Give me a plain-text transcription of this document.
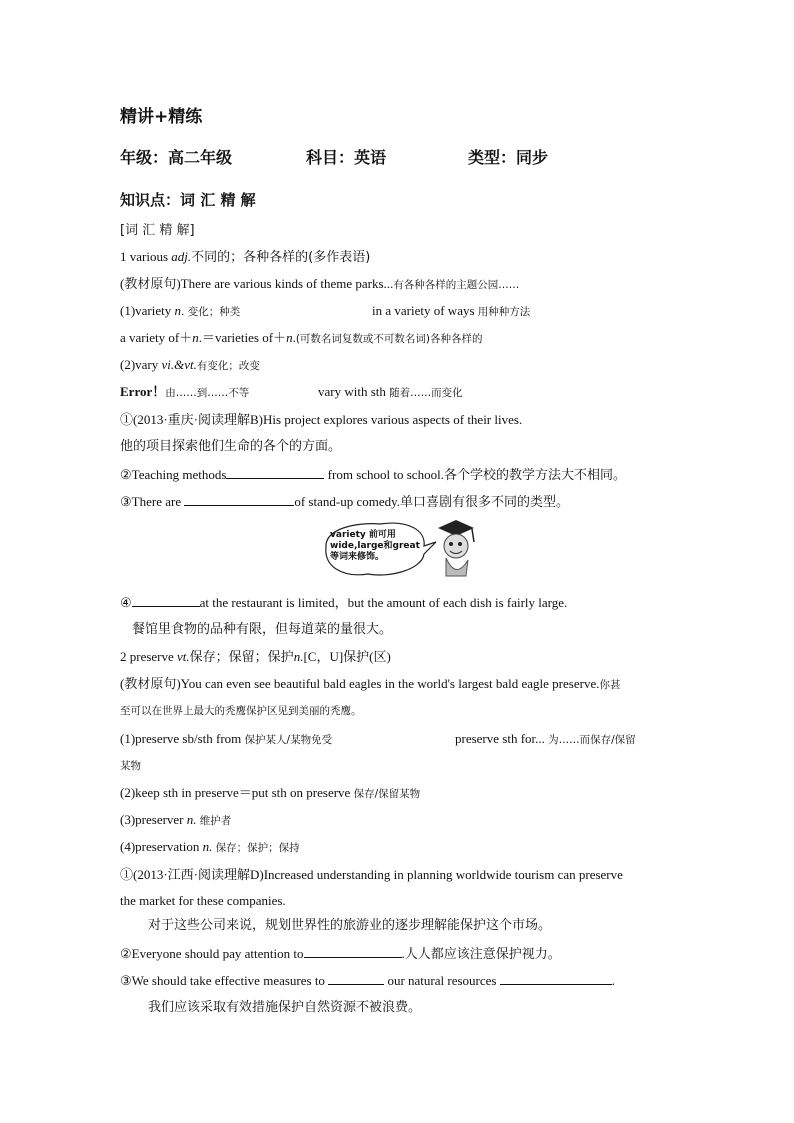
精讲+精练
年级：高二年级	科目：英语	类型：同步
知识点：词 汇 精 解
[词 汇 精 解]
1 various adj.不同的；各种各样的(多作表语)
(教材原句)There are various kinds of theme parks...有各种各样的主题公园……
(1)variety n. 变化；种类	in a variety of ways 用种种方法
a variety of＋n.＝varieties of＋n.(可数名词复数或不可数名词)各种各样的
(2)vary vi.&vt.有变化；改变
Error！由……到……不等	vary with sth 随着……而变化
①(2013·重庆·阅读理解B)His project explores various aspects of their lives.
他的项目探索他们生命的各个的方面。
②Teaching methods	from school to school.各个学校的教学方法大不相同。
③There are	of stand-up comedy.单口喜剧有很多不同的类型。
variety 前可用
wide,large和great
等词来修饰。
④	at the restaurant is limited，but the amount of each dish is fairly large.
餐馆里食物的品种有限，但每道菜的量很大。
2 preserve vt.保存；保留；保护n.[C，U]保护(区)
(教材原句)You can even see beautiful bald eagles in the world's largest bald eagle preserve.你甚
至可以在世界上最大的秃鹰保护区见到美丽的秃鹰。
(1)preserve sb/sth from 保护某人/某物免受	preserve sth for... 为……而保存/保留
某物
(2)keep sth in preserve＝put sth on preserve 保存/保留某物
(3)preserver n. 维护者
(4)preservation n. 保存；保护；保持
①(2013·江西·阅读理解D)Increased understanding in planning worldwide tourism can preserve
the market for these companies.
对于这些公司来说，规划世界性的旅游业的逐步理解能保护这个市场。
②Everyone should pay attention to	.人人都应该注意保护视力。
③We should take effective measures to	our natural resources	.
我们应该采取有效措施保护自然资源不被浪费。
